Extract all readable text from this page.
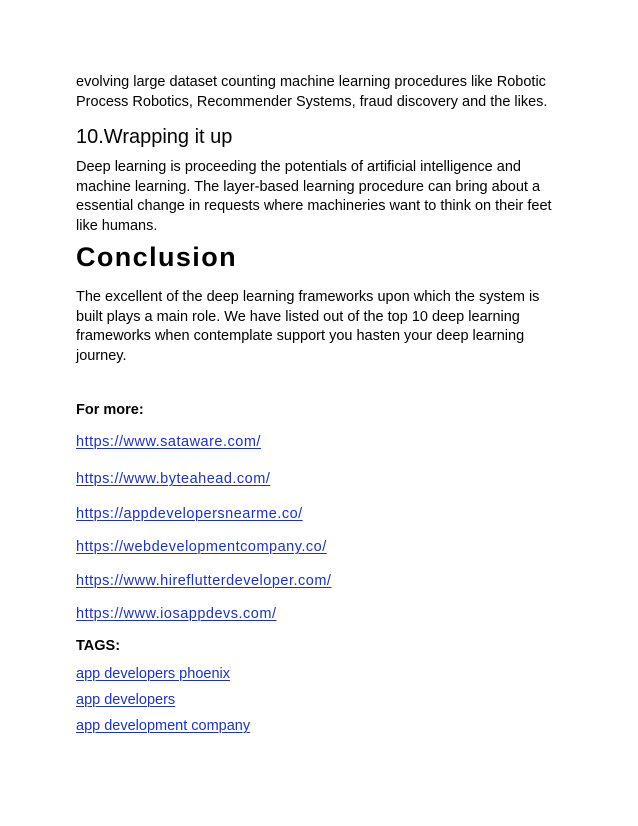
evolving large dataset counting machine learning procedures like Robotic
Process Robotics, Recommender Systems, fraud discovery and the likes.

10.Wrapping it up

Deep learning is proceeding the potentials of artificial intelligence and
machine learning. The layer-based learning procedure can bring about a
essential change in requests where machineries want to think on their feet
like humans.

Conclusion

The excellent of the deep learning frameworks upon which the system is
built plays a main role. We have listed out of the top 10 deep learning
frameworks when contemplate support you hasten your deep learning
journey.

For more:

https://www.sataware.com/
https://www.byteahead.com/
https://appdevelopersnearme.co/
https://webdevelopmentcompany.co/
https://www.hireflutterdeveloper.com/
https://www.iosappdevs.com/

TAGS:

app developers phoenix
app developers
app development company
